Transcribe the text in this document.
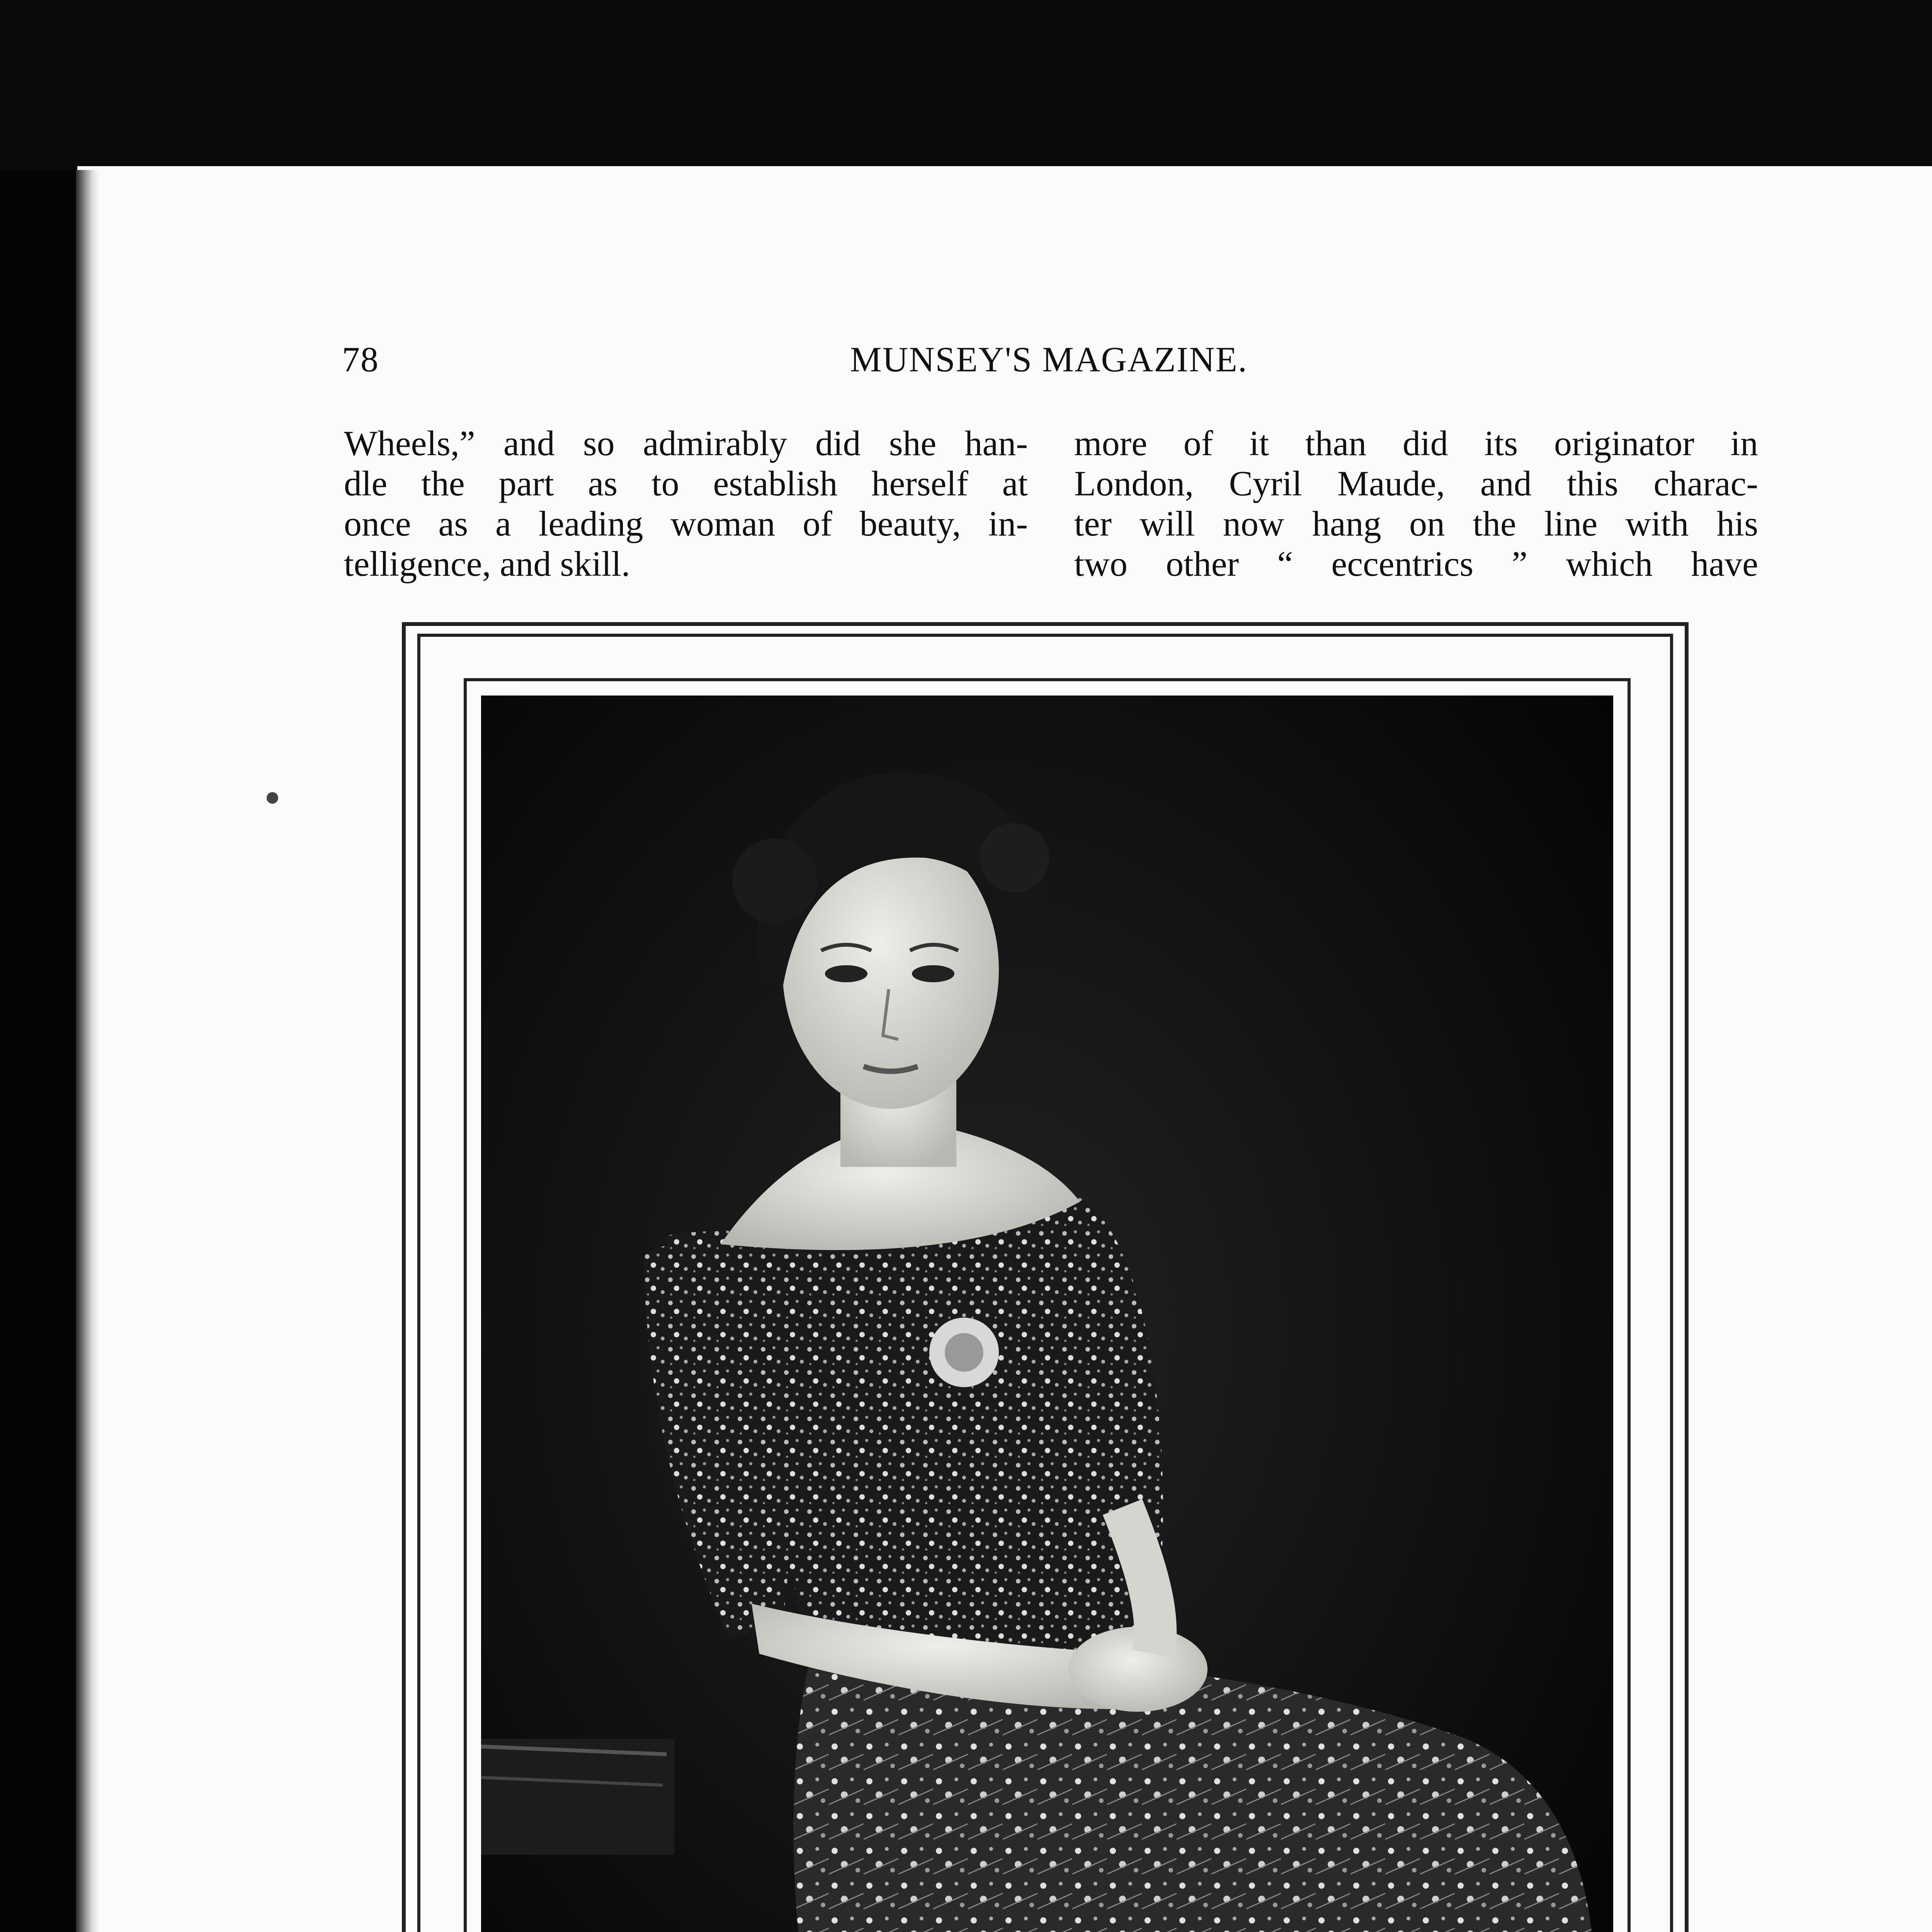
78	MUNSEY'S MAGAZINE.
Wheels,” and so admirably did she han-
dle the part as to establish herself at
once as a leading woman of beauty, in-
telligence, and skill.
more of it than did its originator in
London, Cyril Maude, and this charac-
ter will now hang on the line with his
two other “ eccentrics ” which have
